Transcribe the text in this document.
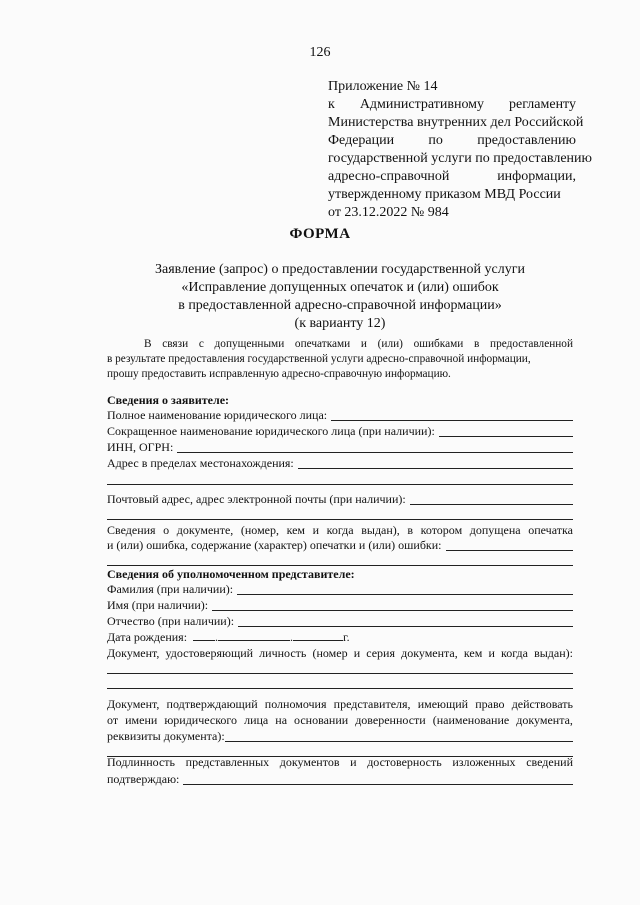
126
Приложение № 14
к Административному регламенту
Министерства внутренних дел Российской
Федерации по предоставлению
государственной услуги по предоставлению
адресно-справочной	информации,
утвержденному приказом МВД России
от 23.12.2022 № 984
ФОРМА
Заявление (запрос) о предоставлении государственной услуги
«Исправление допущенных опечаток и (или) ошибок
в предоставленной адресно-справочной информации»
(к варианту 12)
В связи с допущенными опечатками и (или) ошибками в предоставленной
в результате предоставления государственной услуги адресно-справочной информации,
прошу предоставить исправленную адресно-справочную информацию.
Сведения о заявителе:
Полное наименование юридического лица:
Сокращенное наименование юридического лица (при наличии):
ИНН, ОГРН:
Адрес в пределах местонахождения:
Почтовый адрес, адрес электронной почты (при наличии):
Сведения о документе, (номер, кем и когда выдан), в котором допущена опечатка
и (или) ошибка, содержание (характер) опечатки и (или) ошибки:
Сведения об уполномоченном представителе:
Фамилия (при наличии):
Имя (при наличии):
Отчество (при наличии):
Дата рождения: .	.	г.
Документ, удостоверяющий личность (номер и серия документа, кем и когда выдан):
Документ, подтверждающий полномочия представителя, имеющий право действовать
от имени юридического лица на основании доверенности (наименование документа,
реквизиты документа):
Подлинность представленных документов и достоверность изложенных сведений
подтверждаю:
